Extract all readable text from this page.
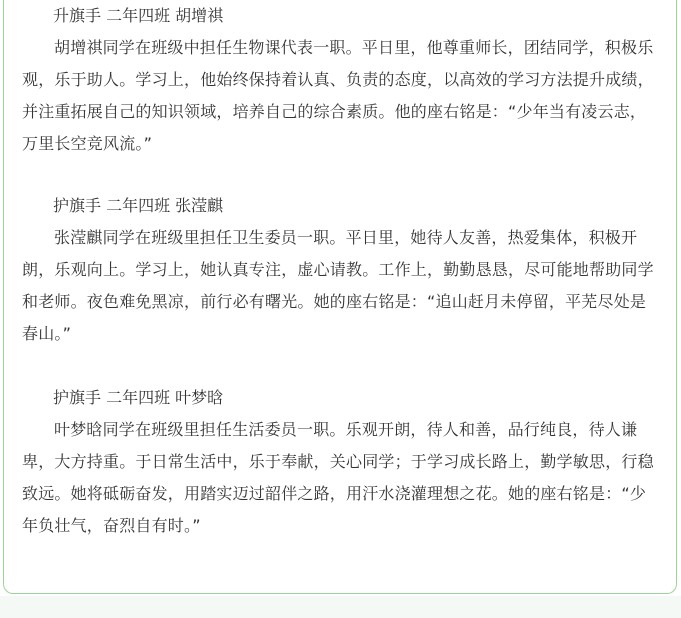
升旗手 二年四班 胡增祺

胡增祺同学在班级中担任生物课代表一职。平日里，他尊重师长，团结同学，积极乐观，乐于助人。学习上，他始终保持着认真、负责的态度，以高效的学习方法提升成绩，并注重拓展自己的知识领域，培养自己的综合素质。他的座右铭是：“少年当有凌云志，万里长空竞风流。”

护旗手 二年四班 张滢麒

张滢麒同学在班级里担任卫生委员一职。平日里，她待人友善，热爱集体，积极开朗，乐观向上。学习上，她认真专注，虚心请教。工作上，勤勤恳恳，尽可能地帮助同学和老师。夜色难免黑凉，前行必有曙光。她的座右铭是：“追山赶月未停留，平芜尽处是春山。”

护旗手 二年四班 叶梦晗

叶梦晗同学在班级里担任生活委员一职。乐观开朗，待人和善，品行纯良，待人谦卑，大方持重。于日常生活中，乐于奉献，关心同学；于学习成长路上，勤学敏思，行稳致远。她将砥砺奋发，用踏实迈过韶伴之路，用汗水浇灌理想之花。她的座右铭是：“少年负壮气，奋烈自有时。”
